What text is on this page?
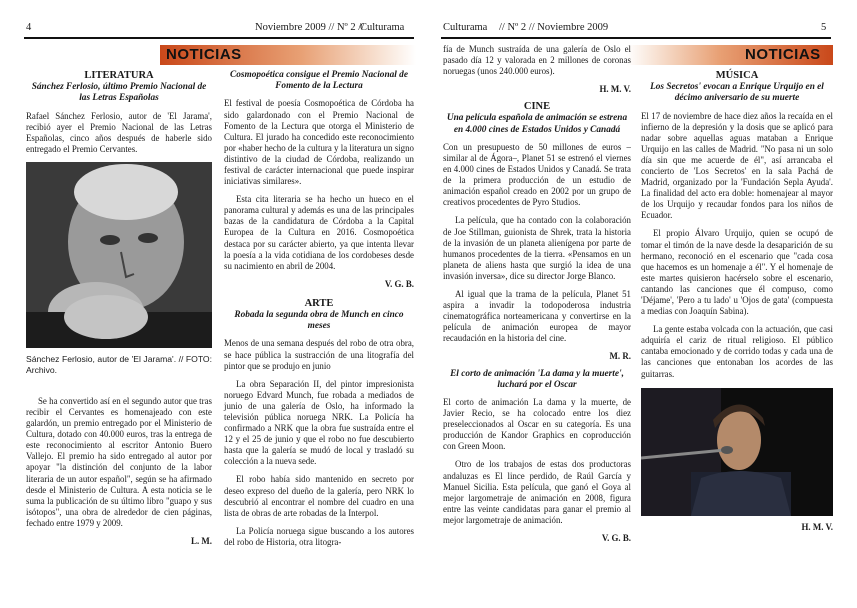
4	Noviembre 2009 // Nº 2 //
Culturama
NOTICIAS
LITERATURA
Sánchez Ferlosio, último Premio Nacional de las Letras Españolas

Rafael Sánchez Ferlosio, autor de 'El Jarama', recibió ayer el Premio Nacional de las Letras Españolas, cinco años después de haberle sido entregado el Premio Cervantes.

Sánchez Ferlosio, autor de 'El Jarama'. // FOTO: Archivo.

Se ha convertido así en el segundo autor que tras recibir el Cervantes es homenajeado con este galardón, un premio entregado por el Ministerio de Cultura, dotado con 40.000 euros, tras la entrega de este reconocimiento al escritor Antonio Buero Vallejo. El premio ha sido entregado al autor por apoyar "la distinción del conjunto de la labor literaria de un autor español", según se ha afirmado desde el Ministerio de Cultura. A esta noticia se le suma la publicación de su último libro "guapo y sus isótopos", una obra de alrededor de cien páginas, fechado entre 1979 y 2009.

L. M.
Cosmopoética consigue el Premio Nacional de Fomento de la Lectura

El festival de poesía Cosmopoética de Córdoba ha sido galardonado con el Premio Nacional de Fomento de la Lectura que otorga el Ministerio de Cultura. El jurado ha concedido este reconocimiento por «haber hecho de la cultura y la literatura un signo distintivo de la ciudad de Córdoba, realizando un festival de carácter internacional que puede inspirar iniciativas similares».

Esta cita literaria se ha hecho un hueco en el panorama cultural y además es una de las principales bazas de la candidatura de Córdoba a la Capital Europea de la Cultura en 2016. Cosmopoética destaca por su carácter abierto, ya que intenta llevar la poesía a la vida cotidiana de los cordobeses desde su nacimiento en abril de 2004.

V. G. B.
ARTE
Robada la segunda obra de Munch en cinco meses

Menos de una semana después del robo de otra obra, se hace pública la sustracción de una litografía del pintor que se produjo en junio

La obra Separación II, del pintor impresionista noruego Edvard Munch, fue robada a mediados de junio de una galería de Oslo, ha informado la televisión pública noruega NRK. La Policía ha confirmado a NRK que la obra fue sustraída entre el 12 y el 25 de junio y que el robo no fue descubierto hasta que la galería se mudó de local y trasladó su colección a la nueva sede.

El robo había sido mantenido en secreto por deseo expreso del dueño de la galería, pero NRK lo descubrió al encontrar el nombre del cuadro en una lista de obras de arte robadas de la Interpol.

La Policía noruega sigue buscando a los autores del robo de Historia, otra litogra-

Culturama // Nº 2 // Noviembre 2009	5
NOTICIAS

fía de Munch sustraída de una galería de Oslo el pasado día 12 y valorada en 2 millones de coronas noruegas (unos 240.000 euros).

H. M. V.
CINE
Una película española de animación se estrena en 4.000 cines de Estados Unidos y Canadá

Con un presupuesto de 50 millones de euros –similar al de Ágora–, Planet 51 se estrenó el viernes en 4.000 cines de Estados Unidos y Canadá. Se trata de la primera producción de un estudio de animación español creado en 2002 por un grupo de creativos procedentes de Pyro Studios.

La película, que ha contado con la colaboración de Joe Stillman, guionista de Shrek, trata la historia de la invasión de un planeta alienígena por parte de humanos procedentes de la tierra. «Pensamos en un planeta de aliens hasta que surgió la idea de una invasión inversa», dice su director Jorge Blanco.

Al igual que la trama de la película, Planet 51 aspira a invadir la todopoderosa industria cinematográfica norteamericana y convertirse en la película de animación europea de mayor recaudación en la historia del cine.

M. R.
El corto de animación 'La dama y la muerte', luchará por el Oscar

El corto de animación La dama y la muerte, de Javier Recio, se ha colocado entre los diez preseleccionados al Oscar en su categoría. Es una producción de Kandor Graphics en coproducción con Green Moon.

Otro de los trabajos de estas dos productoras andaluzas es El lince perdido, de Raúl García y Manuel Sicilia. Esta película, que ganó el Goya al mejor largometraje de animación en 2008, figura entre las veinte candidatas para ganar el premio al mejor largometraje de animación.

V. G. B.
MÚSICA
Los Secretos' evocan a Enrique Urquijo en el décimo aniversario de su muerte

El 17 de noviembre de hace diez años la recaída en el infierno de la depresión y la dosis que se aplicó para nadar sobre aquellas aguas mataban a Enrique Urquijo en las calles de Madrid. "No pasa ni un solo día sin que me acuerde de él", así arrancaba el concierto de 'Los Secretos' en la sala Pachá de Madrid, organizado por la 'Fundación Sepla Ayuda'. La finalidad del acto era doble: homenajear al mayor de los Urquijo y recaudar fondos para los niños de Ecuador.

El propio Álvaro Urquijo, quien se ocupó de tomar el timón de la nave desde la desaparición de su hermano, reconoció en el escenario que "cada cosa que hacemos es un homenaje a él". Y el homenaje de este martes quisieron hacérselo sobre el escenario, cantando las canciones que él compuso, como 'Déjame', 'Pero a tu lado' u 'Ojos de gata' (compuesta a medias con Joaquín Sabina).

La gente estaba volcada con la actuación, que casi adquiría el cariz de ritual religioso. El público cantaba emocionado y de corrido todas y cada una de las canciones que entonaban los acordes de las guitarras.

H. M. V.
